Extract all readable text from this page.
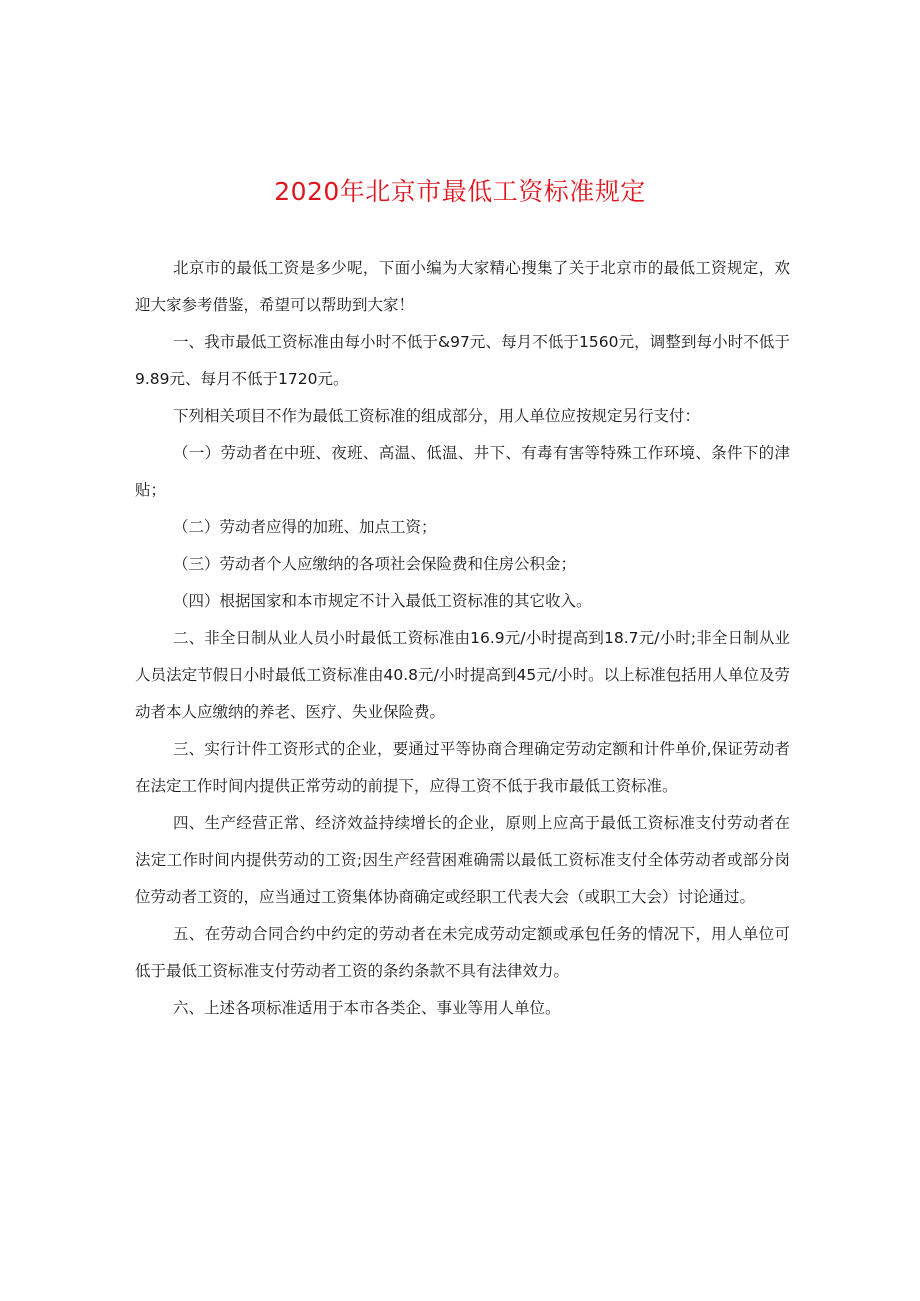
2020年北京市最低工资标准规定

北京市的最低工资是多少呢，下面小编为大家精心搜集了关于北京市的最低工资规定，欢迎大家参考借鉴，希望可以帮助到大家！

一、我市最低工资标准由每小时不低于&97元、每月不低于1560元，调整到每小时不低于9.89元、每月不低于1720元。

下列相关项目不作为最低工资标准的组成部分，用人单位应按规定另行支付：

（一）劳动者在中班、夜班、高温、低温、井下、有毒有害等特殊工作环境、条件下的津贴；

（二）劳动者应得的加班、加点工资；

（三）劳动者个人应缴纳的各项社会保险费和住房公积金；

（四）根据国家和本市规定不计入最低工资标准的其它收入。

二、非全日制从业人员小时最低工资标准由16.9元/小时提高到18.7元/小时;非全日制从业人员法定节假日小时最低工资标准由40.8元/小时提高到45元/小时。以上标准包括用人单位及劳动者本人应缴纳的养老、医疗、失业保险费。

三、实行计件工资形式的企业，要通过平等协商合理确定劳动定额和计件单价,保证劳动者在法定工作时间内提供正常劳动的前提下，应得工资不低于我市最低工资标准。

四、生产经营正常、经济效益持续增长的企业，原则上应高于最低工资标准支付劳动者在法定工作时间内提供劳动的工资;因生产经营困难确需以最低工资标准支付全体劳动者或部分岗位劳动者工资的，应当通过工资集体协商确定或经职工代表大会（或职工大会）讨论通过。

五、在劳动合同合约中约定的劳动者在未完成劳动定额或承包任务的情况下，用人单位可低于最低工资标准支付劳动者工资的条约条款不具有法律效力。

六、上述各项标准适用于本市各类企、事业等用人单位。
